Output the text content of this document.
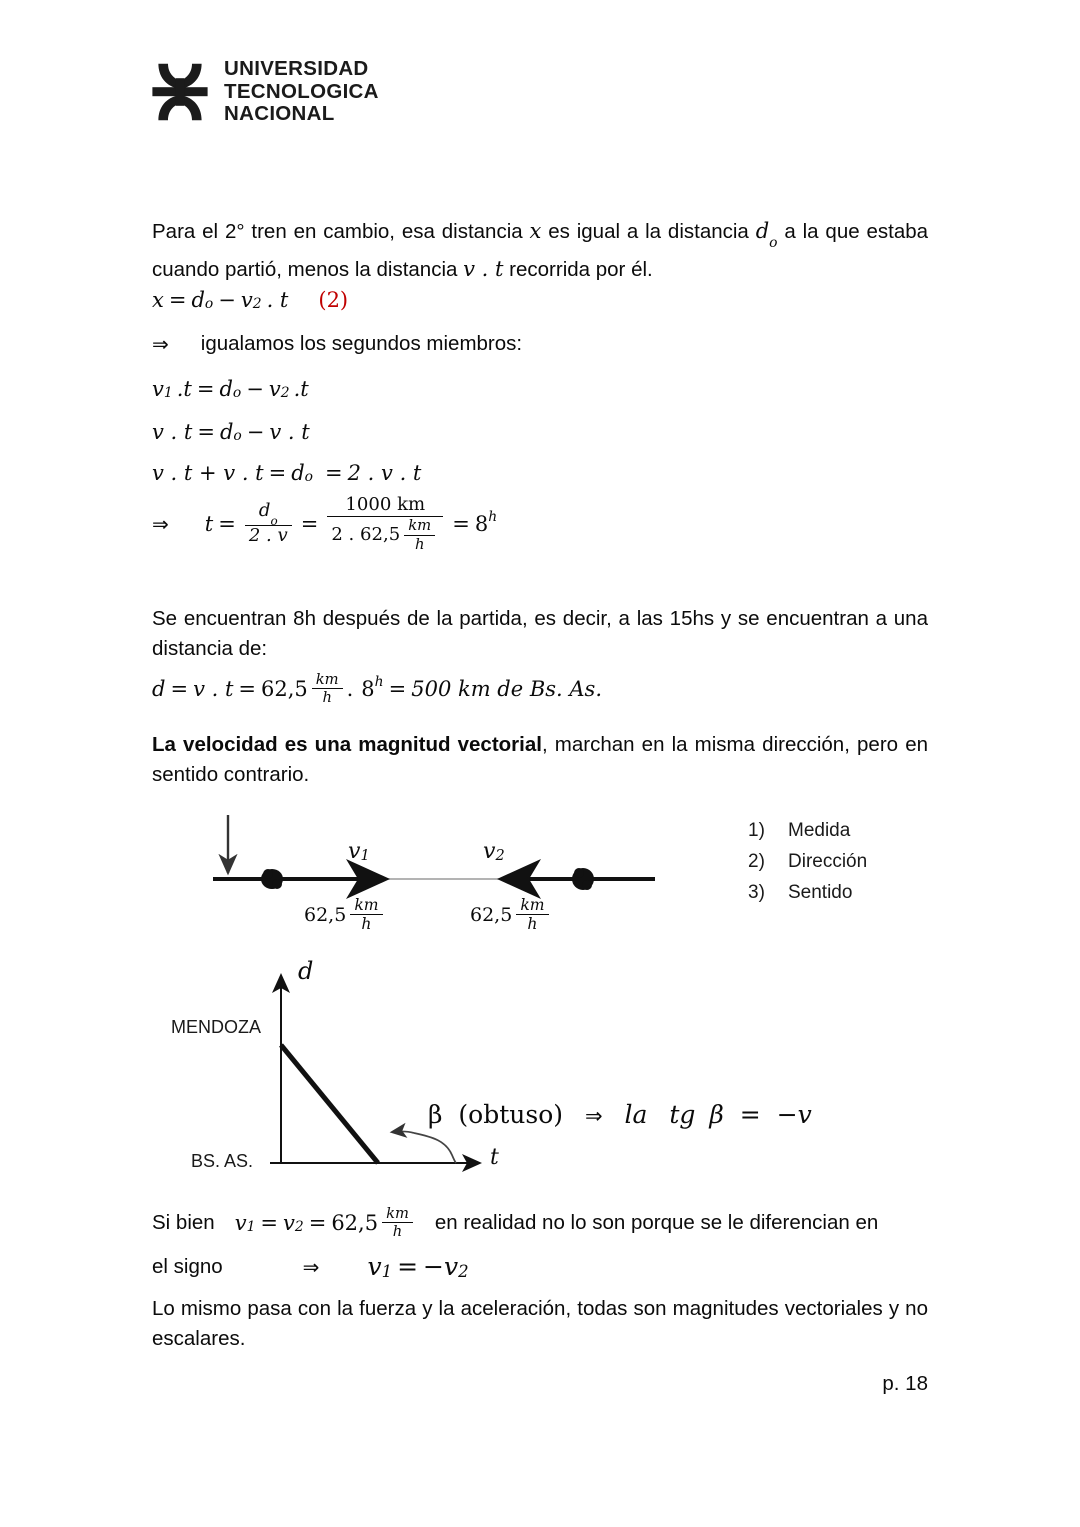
UNIVERSIDAD
TECNOLOGICA
NACIONAL
Para el 2° tren en cambio, esa distancia x es igual a la distancia $d_o$ a la que estaba cuando partió, menos la distancia v . t recorrida por él.
x = d o − v 2 . t	(2)
⇒	igualamos los segundos miembros:
v 1 .t = d o − v 2 .t
v . t = d o − v . t
v . t + v . t = d o = 2 . v . t
⇒	$t = \frac{d_o}{2 . v} = \frac{1000 km}{2 . 62,5 \frac{km}{h}} = 8$ h
Se encuentran 8h después de la partida, es decir, a las 15hs y se encuentran a una distancia de:
d = v . $t = 62,5 \frac{km}{h}$ . 8 h = 500 km de Bs. As.
La velocidad es una magnitud vectorial, marchan en la misma dirección, pero en sentido contrario.
v 1	v 2
$62,5 \frac{km}{h}$	$62,5 \frac{km}{h}$
1)	Medida
2)	Dirección
3)	Sentido
d
t
MENDOZA
BS. AS.
β (obtuso) ⇒ la tg β = −v
Si bien v 1 = v $2 = 62,5 \frac{km}{h}$	en realidad no lo son porque se le diferencian en
el signo	⇒ v 1 = −v 2
Lo mismo pasa con la fuerza y la aceleración, todas son magnitudes vectoriales y no escalares.
p. 18
